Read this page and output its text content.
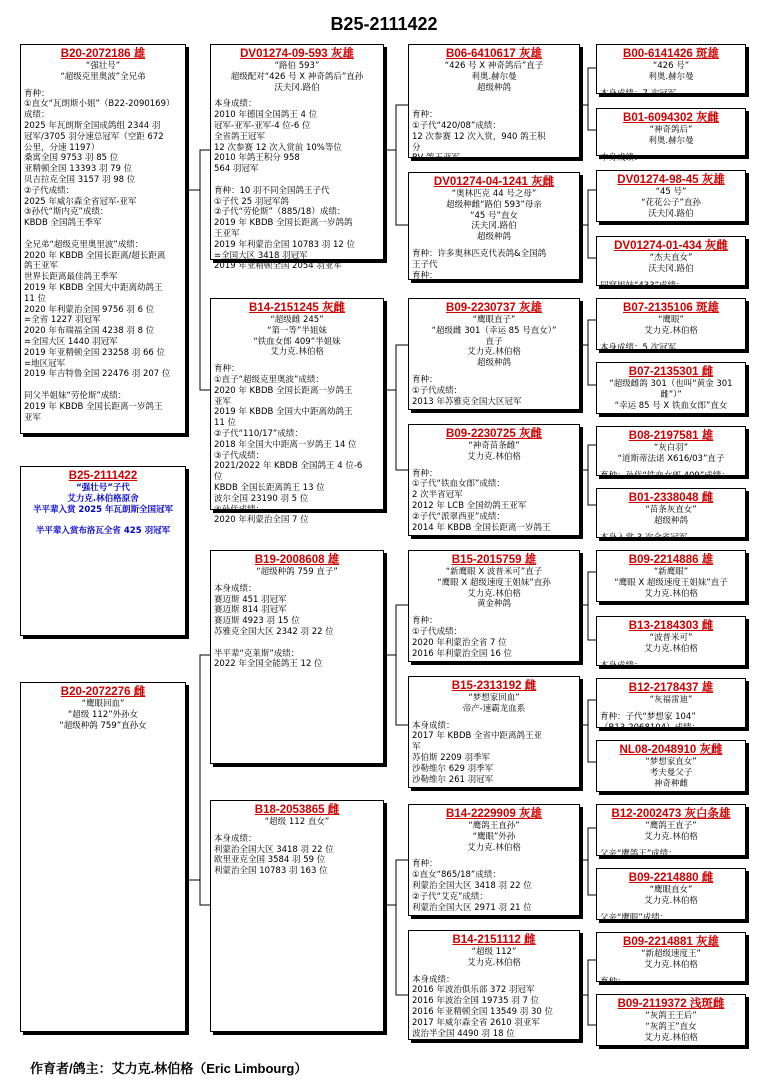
B25-2111422
B20-2072186 雄
“强壮号”
“超级克里奥波”全兄弟
育种：
①直女“瓦朗斯小姐”（B22-2090169）
成绩：
2025 年瓦朗斯全国成鸽组 2344 羽
冠军/3705 羽分速总冠军（空距 672
公里，分速 1197）
桑寓全国 9753 羽 85 位
亚精顿全国 13393 羽 79 位
贝吉拉克全国 3157 羽 98 位
②子代成绩：
2025 年威尔森全省冠军-亚军
③孙代“斯内克”成绩：
KBDB 全国鸽王季军

全兄弟“超级克里奥里波”成绩：
2020 年 KBDB 全国长距离/超长距离
鸽王亚军
世界长距离最佳鸽王季军
2019 年 KBDB 全国大中距离幼鸽王
11 位
2020 年利蒙治全国 9756 羽 6 位
=全省 1227 羽冠军
2020 年布瑞福全国 4238 羽 8 位
=全国大区 1440 羽冠军
2019 年亚精顿全国 23258 羽 66 位
=地区冠军
2019 年吉特鲁全国 22476 羽 207 位

同父半姐妹“劳伦斯”成绩：
2019 年 KBDB 全国长距离一岁鸽王
亚军
B25-2111422
“强壮号”子代
艾力克.林伯格原舍
半平辈入赏 2025 年瓦朗斯全国冠军

半平辈入赏布洛瓦全省 425 羽冠军
B20-2072276 雌
“鹰眼回血”
“超级 112”外孙女
“超级种鸽 759”直孙女
DV01274-09-593 灰雄
“路伯 593”
超级配对“426 号 X 神奇鸽后”直孙
沃夫冈.路伯
本身成绩：
2010 年德国全国鸽王 4 位
冠军-亚军-亚军-4 位-6 位
全省鸽王冠军
12 次参赛 12 次入赏前 10%等位
2010 年鸽王积分 958
564 羽冠军

育种：10 羽不同全国鸽王子代
①子代 25 羽冠军鸽
②子代“劳伦斯”（885/18）成绩：
2019 年 KBDB 全国长距离一岁鸽鸽
王亚军
2019 年利蒙治全国 10783 羽 12 位
=全国大区 3418 羽冠军
2019 年亚精顿全国 2054 羽亚军
B14-2151245 灰雌
“超级雌 245”
“第一等”半姐妹
“铁血女郎 409”半姐妹
艾力克.林伯格
育种：
①直子“超级克里奥波”成绩：
2020 年 KBDB 全国长距离一岁鸽王
亚军
2019 年 KBDB 全国大中距离幼鸽王
11 位
②子代“110/17”成绩：
2018 年全国大中距离一岁鸽王 14 位
③子代成绩：
2021/2022 年 KBDB 全国鸽王 4 位-6
位
KBDB 全国长距离鸽王 13 位
波尔全国 23190 羽 5 位
④孙代成绩：
2020 年利蒙治全国 7 位
B19-2008608 雄
“超级种鸽 759 直子”
本身成绩：
赛迈斯 451 羽冠军
赛迈斯 814 羽冠军
赛迈斯 4923 羽 15 位
苏雅克全国大区 2342 羽 22 位

半平辈“克莱斯”成绩：
2022 年全国全能鸽王 12 位
B18-2053865 雌
“超级 112 直女”
本身成绩：
利蒙治全国大区 3418 羽 22 位
欧里亚克全国 3584 羽 59 位
利蒙治全国 10783 羽 163 位
B06-6410617 灰雄
“426 号 X 神奇鸽后”直子
利奥.赫尔曼
超级种鸽

育种：
①子代“420/08”成绩：
12 次参赛 12 次入赏，940 鸽王积
分
RV 鸽王亚军
DV01274-04-1241 灰雌
“奥林匹克 44 号之母”
超级种雌“路伯 593”母亲
“45 号”直女
沃夫冈.路伯
超级种鸽
育种：许多奥林匹克代表鸽&全国鸽
王子代
育种：
B09-2230737 灰雄
“鹰眼直子”
“超级雌 301（幸运 85 号直女）”
直子
艾力克.林伯格
超级种鸽
育种：
①子代成绩：
2013 年苏雅克全国大区冠军
B09-2230725 灰雌
“神奇苗条雌”
艾力克.林伯格
育种：
①子代“铁血女郎”成绩：
2 次半省冠军
2012 年 LCB 全国幼鸽王亚军
②子代“派翠西亚”成绩：
2014 年 KBDB 全国长距离一岁鸽王
B15-2015759 雄
“新鹰眼 X 波普米可”直子
“鹰眼 X 超级速度王姐妹”直孙
艾力克.林伯格
黄金种鸽
育种：
①子代成绩：
2020 年利蒙治全省 7 位
2016 年利蒙治全国 16 位
B15-2313192 雌
“梦想家回血”
帝产-速霸龙血系
本身成绩：
2017 年 KBDB 全省中距离鸽王亚
军
苏伯斯 2209 羽季军
沙勒维尔 629 羽季军
沙勒维尔 261 羽冠军
B14-2229909 灰雄
“鹰鸽王直孙”
“鹰眼”外孙
艾力克.林伯格
育种：
①直女“865/18”成绩：
利蒙治全国大区 3418 羽 22 位
②子代“艾克”成绩：
利蒙治全国大区 2971 羽 21 位
B14-2151112 雌
“超级 112”
艾力克.林伯格
本身成绩：
2016 年波治俱乐部 372 羽冠军
2016 年波治全国 19735 羽 7 位
2016 年亚精顿全国 13549 羽 30 位
2017 年威尔森全省 2610 羽亚军
波治半全国 4490 羽 18 位
B00-6141426 斑雄
“426 号”
利奥.赫尔曼
本身成绩：7 次冠军
B01-6094302 灰雌
“神奇鸽后”
利奥.赫尔曼
本身成绩：
DV01274-98-45 灰雄
“45 号”
“花花公子”直孙
沃夫冈.路伯
DV01274-01-434 灰雌
“杰夫直女”
沃夫冈.路伯
同窝姐妹“433”成绩：
B07-2135106 斑雄
“鹰眼”
艾力克.林伯格
本身成绩：5 次冠军
B07-2135301 雌
“超级雌鸽 301（也叫“黄金 301
雌”）”
“幸运 85 号 X 铁血女郎”直女
B08-2197581 雄
“灰白羽”
“道斯蒂法诺 X616/03”直子
育种：孙代“铁血女郎 409”成绩：
B01-2338048 雌
“苗条灰直女”
超级种鸽
本身入赏 3 次全省冠军
B09-2214886 雄
“新鹰眼”
“鹰眼 X 超级速度王姐妹”直子
艾力克.林伯格
B13-2184303 雌
“波普米可”
艾力克.林伯格
本身成绩：
B12-2178437 雄
“灰福雷迪”
育种：子代“梦想家 104”
（B13-2068104）成绩：
NL08-2048910 灰雌
“梦想家直女”
考夫曼父子
神奇种雌
B12-2002473 灰白条雄
“鹰鸽王直子”
艾力克.林伯格
父亲“鹰鸽王”成绩：
B09-2214880 雌
“鹰眼直女”
艾力克.林伯格
父亲“鹰眼”成绩：
B09-2214881 灰雄
“新超级速度王”
艾力克.林伯格
育种：
B09-2119372 浅斑雌
“灰鸽王王后”
“灰鸽王”直女
艾力克.林伯格
作育者/鸽主：艾力克.林伯格（Eric Limbourg）
